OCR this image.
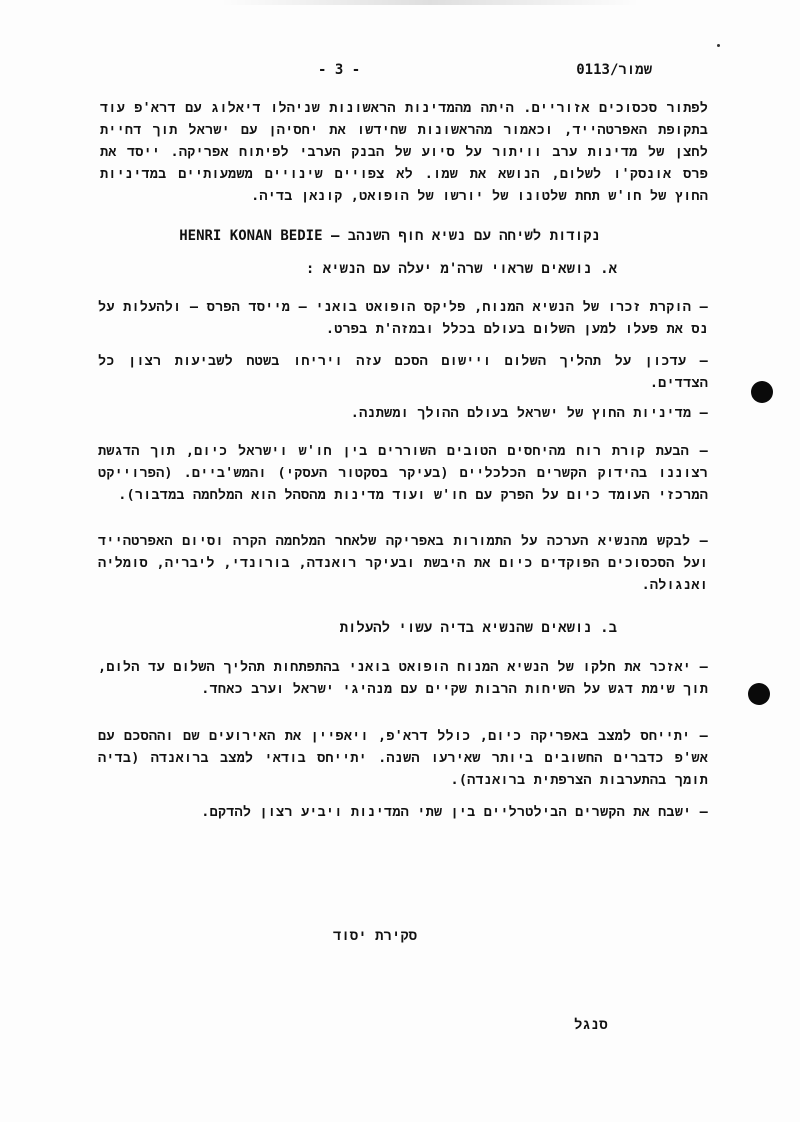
- 3 -	שמור/0113
לפתור סכסוכים אזוריים. היתה מהמדינות הראשונות שניהלו דיאלוג עם דרא'פ עוד בתקופת האפרטהייד, וכאמור מהראשונות שחידשו את יחסיהן עם ישראל תוך דחיית לחצן של מדינות ערב וויתור על סיוע של הבנק הערבי לפיתוח אפריקה. ייסד את פרס אונסק'ו לשלום, הנושא את שמו. לא צפויים שינויים משמעותיים במדיניות החוץ של חו'ש תחת שלטונו של יורשו של הופואט, קונאן בדיה.
נקודות לשיחה עם נשיא חוף השנהב – HENRI KONAN BEDIE
א. נושאים שראוי שרה'מ יעלה עם הנשיא :
– הוקרת זכרו של הנשיא המנוח, פליקס הופואט בואני – מייסד הפרס – ולהעלות על נס את פעלו למען השלום בעולם בכלל ובמזה'ת בפרט.
– עדכון על תהליך השלום ויישום הסכם עזה ויריחו בשטח לשביעות רצון כל הצדדים.
– מדיניות החוץ של ישראל בעולם ההולך ומשתנה.
– הבעת קורת רוח מהיחסים הטובים השוררים בין חו'ש וישראל כיום, תוך הדגשת רצוננו בהידוק הקשרים הכלכליים (בעיקר בסקטור העסקי) והמש'ביים. (הפרוייקט המרכזי העומד כיום על הפרק עם חו'ש ועוד מדינות מהסהל הוא המלחמה במדבור).
– לבקש מהנשיא הערכה על התמורות באפריקה שלאחר המלחמה הקרה וסיום האפרטהייד ועל הסכסוכים הפוקדים כיום את היבשת ובעיקר רואנדה, בורונדי, ליבריה, סומליה ואנגולה.
ב. נושאים שהנשיא בדיה עשוי להעלות
– יאזכר את חלקו של הנשיא המנוח הופואט בואני בהתפתחות תהליך השלום עד הלום, תוך שימת דגש על השיחות הרבות שקיים עם מנהיגי ישראל וערב כאחד.
– יתייחס למצב באפריקה כיום, כולל דרא'פ, ויאפיין את האירועים שם וההסכם עם אש'פ כדברים החשובים ביותר שאירעו השנה. יתייחס בודאי למצב ברואנדה (בדיה תומך בהתערבות הצרפתית ברואנדה).
– ישבח את הקשרים הבילטרליים בין שתי המדינות ויביע רצון להדקם.
סקירת יסוד
סנגל
